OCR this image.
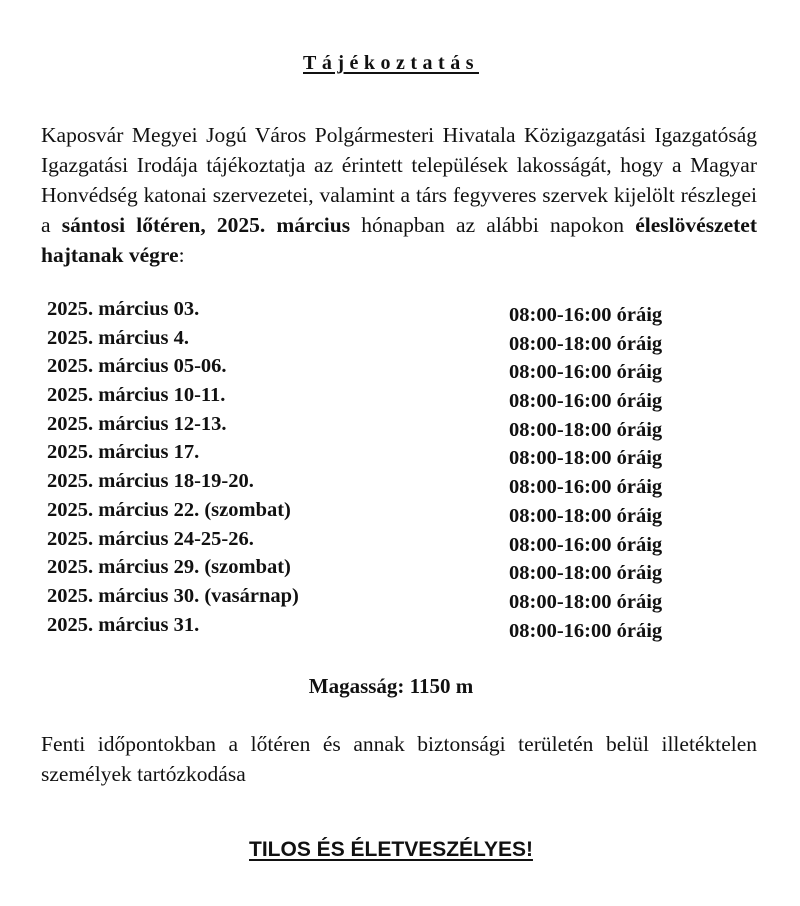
Tájékoztatás
Kaposvár Megyei Jogú Város Polgármesteri Hivatala Közigazgatási Igazgatóság Igazgatási Irodája tájékoztatja az érintett települések lakosságát, hogy a Magyar Honvédség katonai szervezetei, valamint a társ fegyveres szervek kijelölt részlegei a sántosi lőtéren, 2025. március hónapban az alábbi napokon éleslövészetet hajtanak végre:
2025. március 03.	08:00-16:00 óráig
2025. március 4.	08:00-18:00 óráig
2025. március 05-06.	08:00-16:00 óráig
2025. március 10-11.	08:00-16:00 óráig
2025. március 12-13.	08:00-18:00 óráig
2025. március 17.	08:00-18:00 óráig
2025. március 18-19-20.	08:00-16:00 óráig
2025. március 22. (szombat)	08:00-18:00 óráig
2025. március 24-25-26.	08:00-16:00 óráig
2025. március 29. (szombat)	08:00-18:00 óráig
2025. március 30. (vasárnap)	08:00-18:00 óráig
2025. március 31.	08:00-16:00 óráig
Magasság: 1150 m
Fenti időpontokban a lőtéren és annak biztonsági területén belül illetéktelen személyek tartózkodása
TILOS ÉS ÉLETVESZÉLYES!
